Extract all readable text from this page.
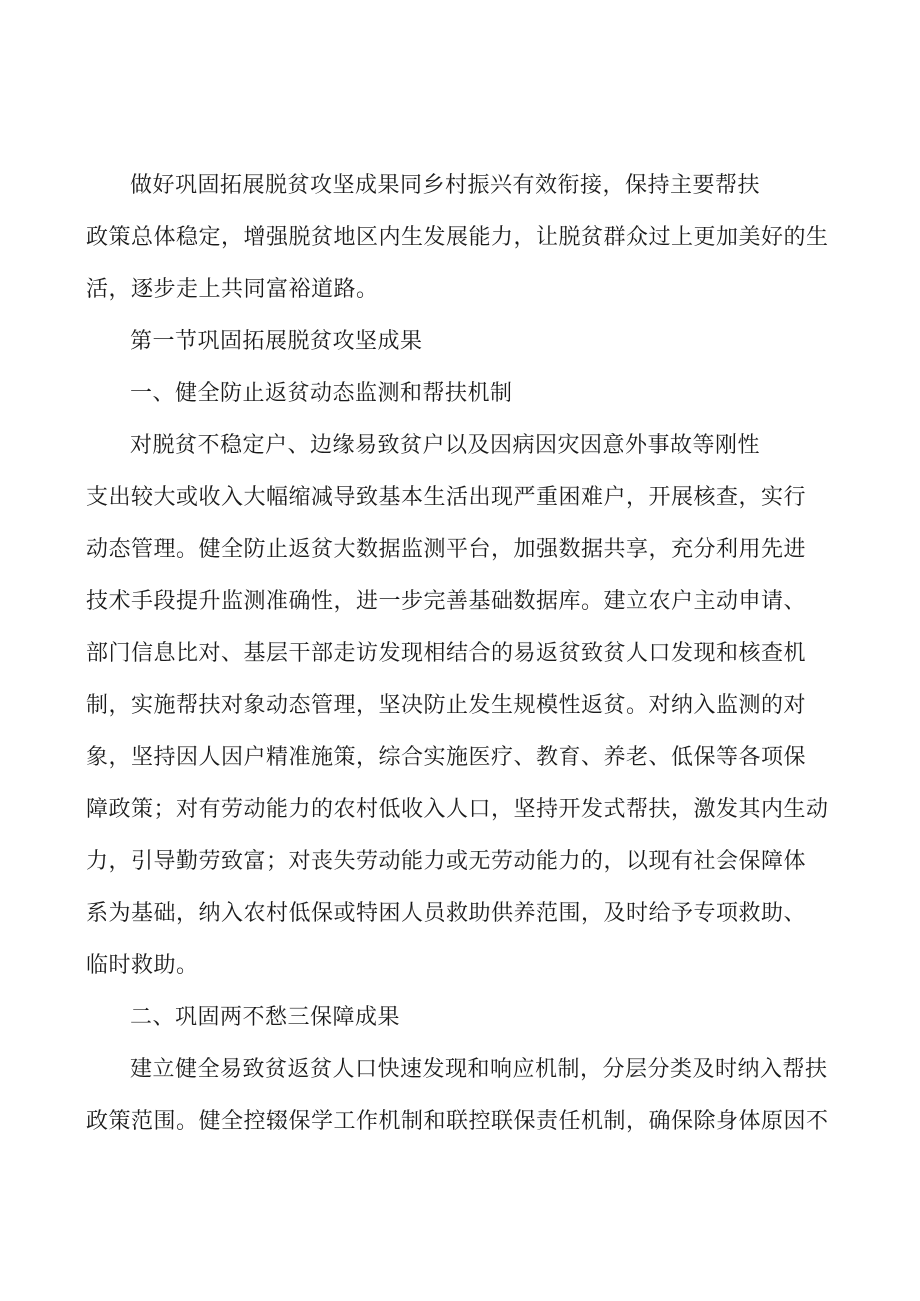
做好巩固拓展脱贫攻坚成果同乡村振兴有效衔接，保持主要帮扶
政策总体稳定，增强脱贫地区内生发展能力，让脱贫群众过上更加美好的生
活，逐步走上共同富裕道路。
第一节巩固拓展脱贫攻坚成果
一、健全防止返贫动态监测和帮扶机制
对脱贫不稳定户、边缘易致贫户以及因病因灾因意外事故等刚性
支出较大或收入大幅缩减导致基本生活出现严重困难户，开展核查，实行
动态管理。健全防止返贫大数据监测平台，加强数据共享，充分利用先进
技术手段提升监测准确性，进一步完善基础数据库。建立农户主动申请、
部门信息比对、基层干部走访发现相结合的易返贫致贫人口发现和核查机
制，实施帮扶对象动态管理，坚决防止发生规模性返贫。对纳入监测的对
象，坚持因人因户精准施策，综合实施医疗、教育、养老、低保等各项保
障政策；对有劳动能力的农村低收入人口，坚持开发式帮扶，激发其内生动
力，引导勤劳致富；对丧失劳动能力或无劳动能力的，以现有社会保障体
系为基础，纳入农村低保或特困人员救助供养范围，及时给予专项救助、
临时救助。
二、巩固两不愁三保障成果
建立健全易致贫返贫人口快速发现和响应机制，分层分类及时纳入帮扶
政策范围。健全控辍保学工作机制和联控联保责任机制，确保除身体原因不
